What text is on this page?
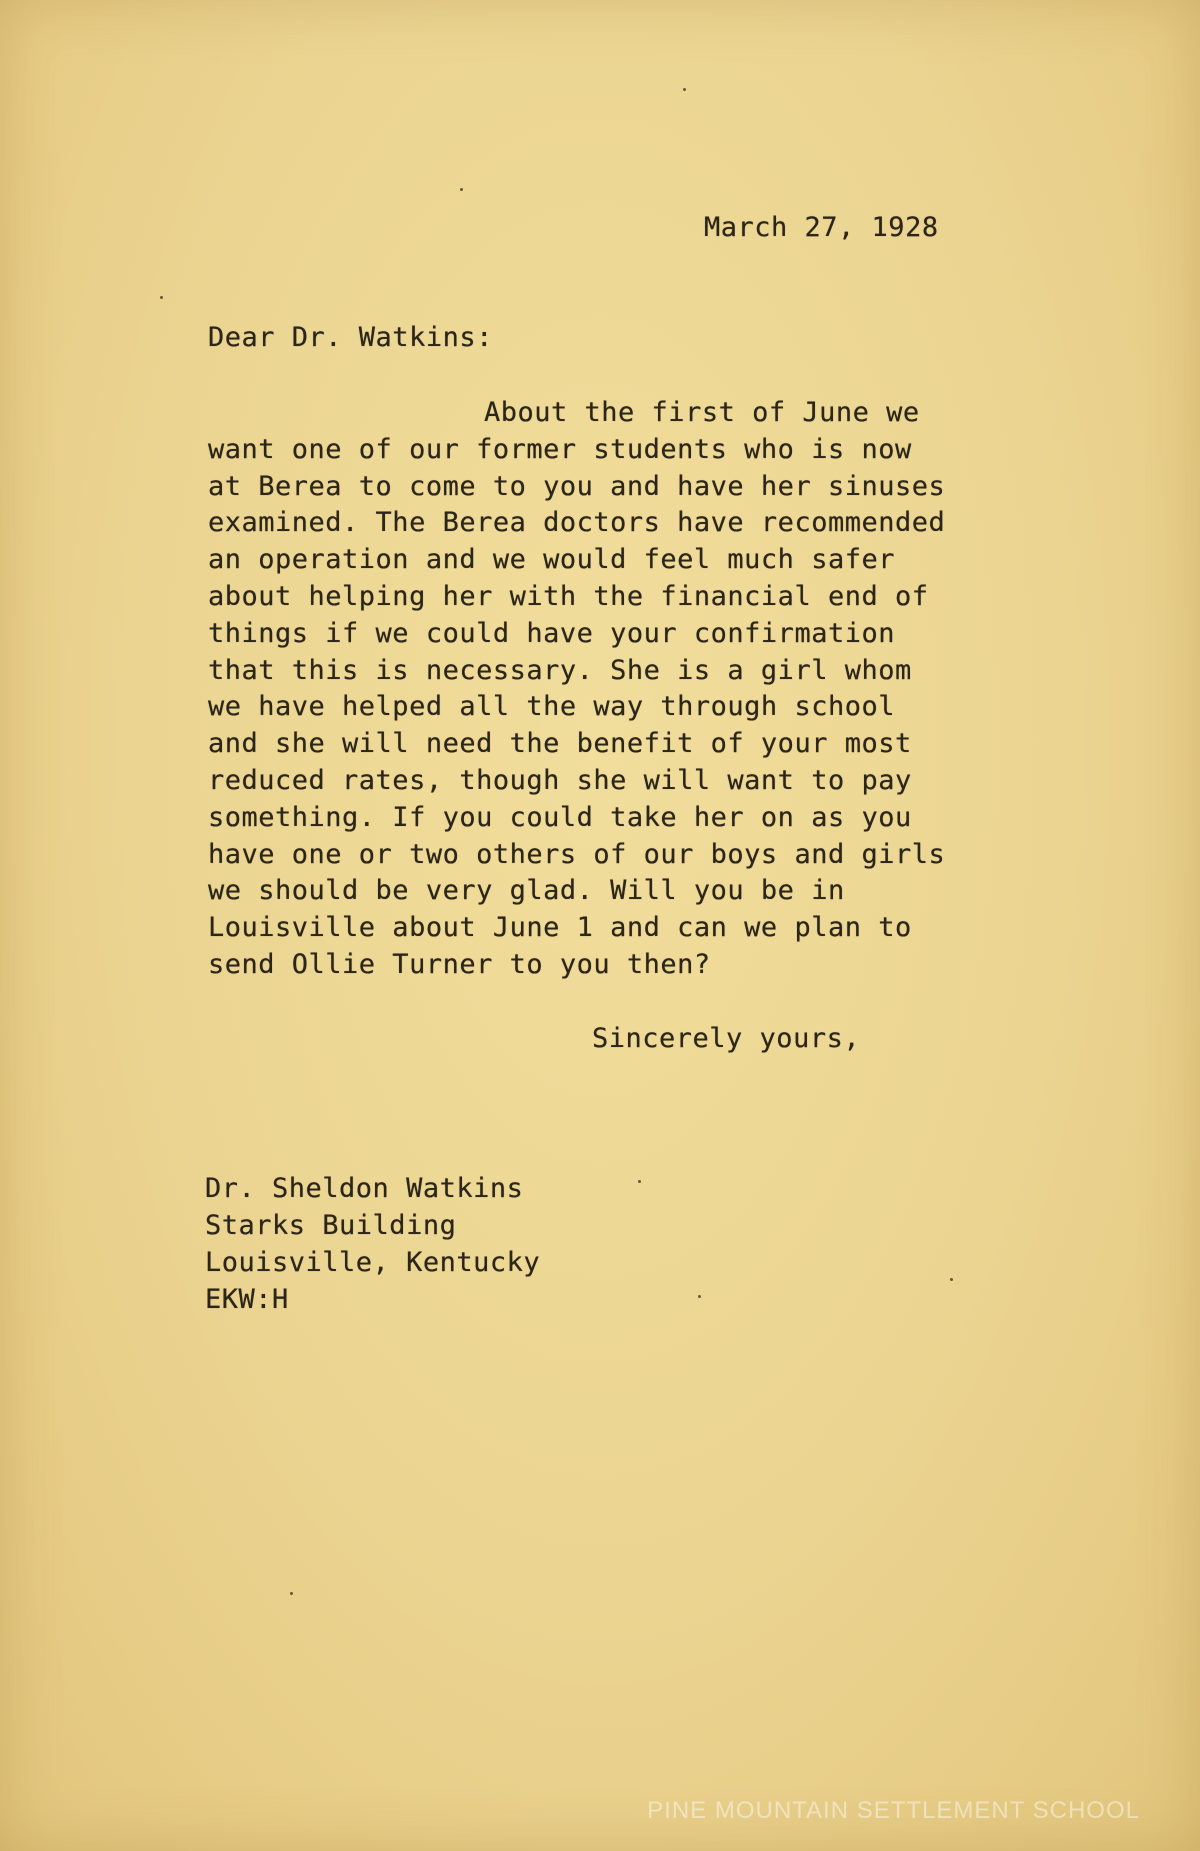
March 27, 1928
Dear Dr. Watkins:
About the first of June we
want one of our former students who is now
at Berea to come to you and have her sinuses
examined. The Berea doctors have recommended
an operation and we would feel much safer
about helping her with the financial end of
things if we could have your confirmation
that this is necessary. She is a girl whom
we have helped all the way through school
and she will need the benefit of your most
reduced rates, though she will want to pay
something. If you could take her on as you
have one or two others of our boys and girls
we should be very glad. Will you be in
Louisville about June 1 and can we plan to
send Ollie Turner to you then?
Sincerely yours,
Dr. Sheldon Watkins
Starks Building
Louisville, Kentucky
EKW:H
PINE MOUNTAIN SETTLEMENT SCHOOL
